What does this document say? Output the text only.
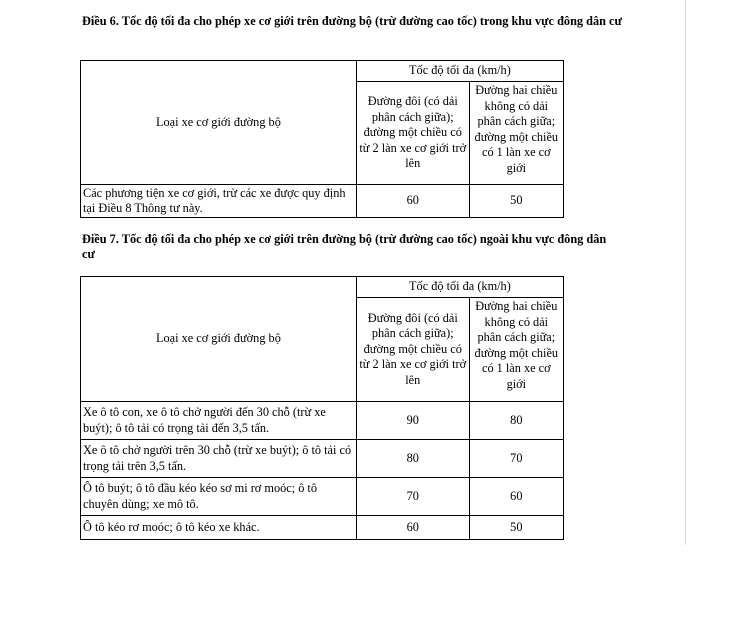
Điều 6. Tốc độ tối đa cho phép xe cơ giới trên đường bộ (trừ đường cao tốc) trong khu vực đông dân cư
Loại xe cơ giới đường bộ	Tốc độ tối đa (km/h)	
	Đường đôi (có dải phân cách giữa); đường một chiều có từ 2 làn xe cơ giới trở lên	Đường hai chiều không có dải phân cách giữa; đường một chiều có 1 làn xe cơ giới
Các phương tiện xe cơ giới, trừ các xe được quy định tại Điều 8 Thông tư này.	60	50
Điều 7. Tốc độ tối đa cho phép xe cơ giới trên đường bộ (trừ đường cao tốc) ngoài khu vực đông dân cư
Loại xe cơ giới đường bộ	Tốc độ tối đa (km/h)	
	Đường đôi (có dải phân cách giữa); đường một chiều có từ 2 làn xe cơ giới trở lên	Đường hai chiều không có dải phân cách giữa; đường một chiều có 1 làn xe cơ giới
Xe ô tô con, xe ô tô chở người đến 30 chỗ (trừ xe buýt); ô tô tải có trọng tải đến 3,5 tấn.	90	80
Xe ô tô chở người trên 30 chỗ (trừ xe buýt); ô tô tải có trọng tải trên 3,5 tấn.	80	70
Ô tô buýt; ô tô đầu kéo kéo sơ mi rơ moóc; ô tô chuyên dùng; xe mô tô.	70	60
Ô tô kéo rơ moóc; ô tô kéo xe khác.	60	50
